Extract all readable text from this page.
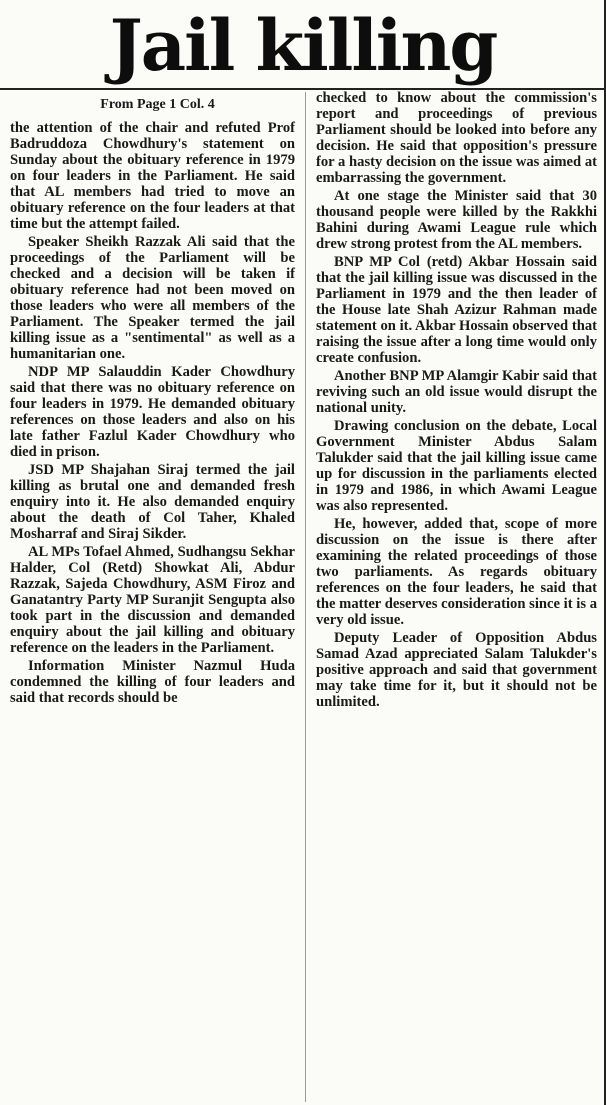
Jail killing
From Page 1 Col. 4

the attention of the chair and refuted Prof Badruddoza Chowdhury's statement on Sunday about the obituary reference in 1979 on four leaders in the Parliament. He said that AL members had tried to move an obituary reference on the four leaders at that time but the attempt failed.

Speaker Sheikh Razzak Ali said that the proceedings of the Parliament will be checked and a decision will be taken if obituary reference had not been moved on those leaders who were all members of the Parliament. The Speaker termed the jail killing issue as a "sentimental" as well as a humanitarian one.

NDP MP Salauddin Kader Chowdhury said that there was no obituary reference on four leaders in 1979. He demanded obituary references on those leaders and also on his late father Fazlul Kader Chowdhury who died in prison.

JSD MP Shajahan Siraj termed the jail killing as brutal one and demanded fresh enquiry into it. He also demanded enquiry about the death of Col Taher, Khaled Mosharraf and Siraj Sikder.

AL MPs Tofael Ahmed, Sudhangsu Sekhar Halder, Col (Retd) Showkat Ali, Abdur Razzak, Sajeda Chowdhury, ASM Firoz and Ganatantry Party MP Suranjit Sengupta also took part in the discussion and demanded enquiry about the jail killing and obituary reference on the leaders in the Parliament.

Information Minister Nazmul Huda condemned the killing of four leaders and said that records should be

checked to know about the commission's report and proceedings of previous Parliament should be looked into before any decision. He said that opposition's pressure for a hasty decision on the issue was aimed at embarrassing the government.

At one stage the Minister said that 30 thousand people were killed by the Rakkhi Bahini during Awami League rule which drew strong protest from the AL members.

BNP MP Col (retd) Akbar Hossain said that the jail killing issue was discussed in the Parliament in 1979 and the then leader of the House late Shah Azizur Rahman made statement on it. Akbar Hossain observed that raising the issue after a long time would only create confusion.

Another BNP MP Alamgir Kabir said that reviving such an old issue would disrupt the national unity.

Drawing conclusion on the debate, Local Government Minister Abdus Salam Talukder said that the jail killing issue came up for discussion in the parliaments elected in 1979 and 1986, in which Awami League was also represented.

He, however, added that, scope of more discussion on the issue is there after examining the related proceedings of those two parliaments. As regards obituary references on the four leaders, he said that the matter deserves consideration since it is a very old issue.

Deputy Leader of Opposition Abdus Samad Azad appreciated Salam Talukder's positive approach and said that government may take time for it, but it should not be unlimited.
